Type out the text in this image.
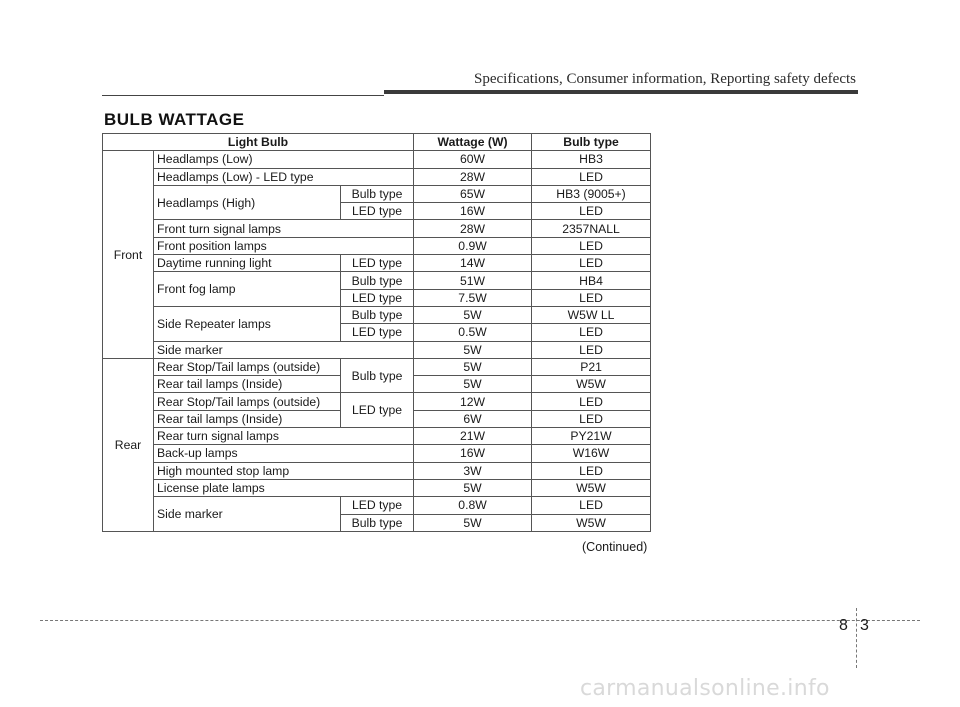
Specifications, Consumer information, Reporting safety defects
BULB WATTAGE
Light Bulb			Wattage (W)	Bulb type
Front	Headlamps (Low)		60W	HB3
	Headlamps (Low) - LED type		28W	LED
	Headlamps (High)	Bulb type	65W	HB3 (9005+)
		LED type	16W	LED
	Front turn signal lamps		28W	2357NALL
	Front position lamps		0.9W	LED
	Daytime running light	LED type	14W	LED
	Front fog lamp	Bulb type	51W	HB4
		LED type	7.5W	LED
	Side Repeater lamps	Bulb type	5W	W5W LL
		LED type	0.5W	LED
	Side marker		5W	LED
Rear	Rear Stop/Tail lamps (outside)	Bulb type	5W	P21
	Rear tail lamps (Inside)		5W	W5W
	Rear Stop/Tail lamps (outside)	LED type	12W	LED
	Rear tail lamps (Inside)		6W	LED
	Rear turn signal lamps		21W	PY21W
	Back-up lamps		16W	W16W
	High mounted stop lamp		3W	LED
	License plate lamps		5W	W5W
	Side marker	LED type	0.8W	LED
		Bulb type	5W	W5W
(Continued)
8 3
carmanualsonline.info
